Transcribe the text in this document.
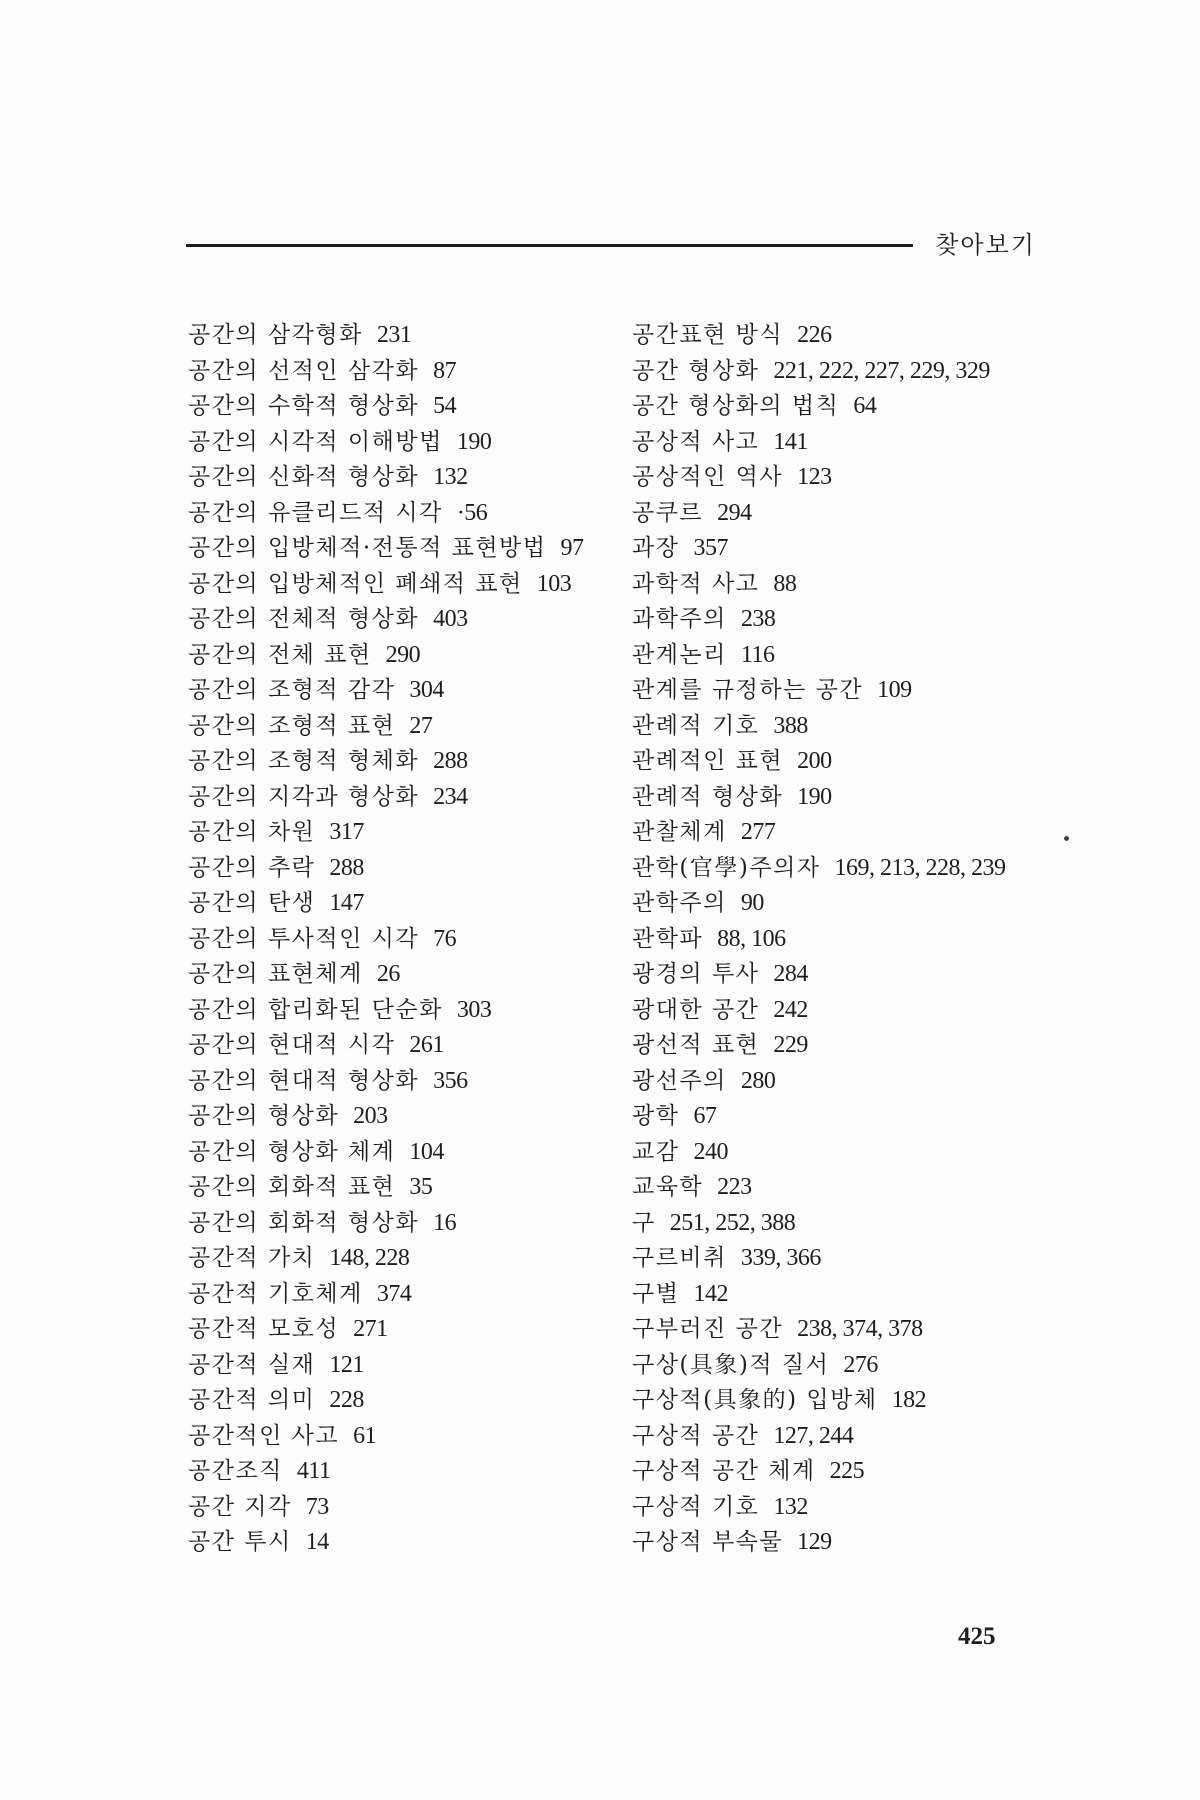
찾아보기
공간의 삼각형화 231
공간의 선적인 삼각화 87
공간의 수학적 형상화 54
공간의 시각적 이해방법 190
공간의 신화적 형상화 132
공간의 유클리드적 시각 ·56
공간의 입방체적·전통적 표현방법 97
공간의 입방체적인 폐쇄적 표현 103
공간의 전체적 형상화 403
공간의 전체 표현 290
공간의 조형적 감각 304
공간의 조형적 표현 27
공간의 조형적 형체화 288
공간의 지각과 형상화 234
공간의 차원 317
공간의 추락 288
공간의 탄생 147
공간의 투사적인 시각 76
공간의 표현체계 26
공간의 합리화된 단순화 303
공간의 현대적 시각 261
공간의 현대적 형상화 356
공간의 형상화 203
공간의 형상화 체계 104
공간의 회화적 표현 35
공간의 회화적 형상화 16
공간적 가치 148, 228
공간적 기호체계 374
공간적 모호성 271
공간적 실재 121
공간적 의미 228
공간적인 사고 61
공간조직 411
공간 지각 73
공간 투시 14
공간표현 방식 226
공간 형상화 221, 222, 227, 229, 329
공간 형상화의 법칙 64
공상적 사고 141
공상적인 역사 123
공쿠르 294
과장 357
과학적 사고 88
과학주의 238
관계논리 116
관계를 규정하는 공간 109
관례적 기호 388
관례적인 표현 200
관례적 형상화 190
관찰체계 277
관학(官學)주의자 169, 213, 228, 239
관학주의 90
관학파 88, 106
광경의 투사 284
광대한 공간 242
광선적 표현 229
광선주의 280
광학 67
교감 240
교육학 223
구 251, 252, 388
구르비취 339, 366
구별 142
구부러진 공간 238, 374, 378
구상(具象)적 질서 276
구상적(具象的) 입방체 182
구상적 공간 127, 244
구상적 공간 체계 225
구상적 기호 132
구상적 부속물 129
425
